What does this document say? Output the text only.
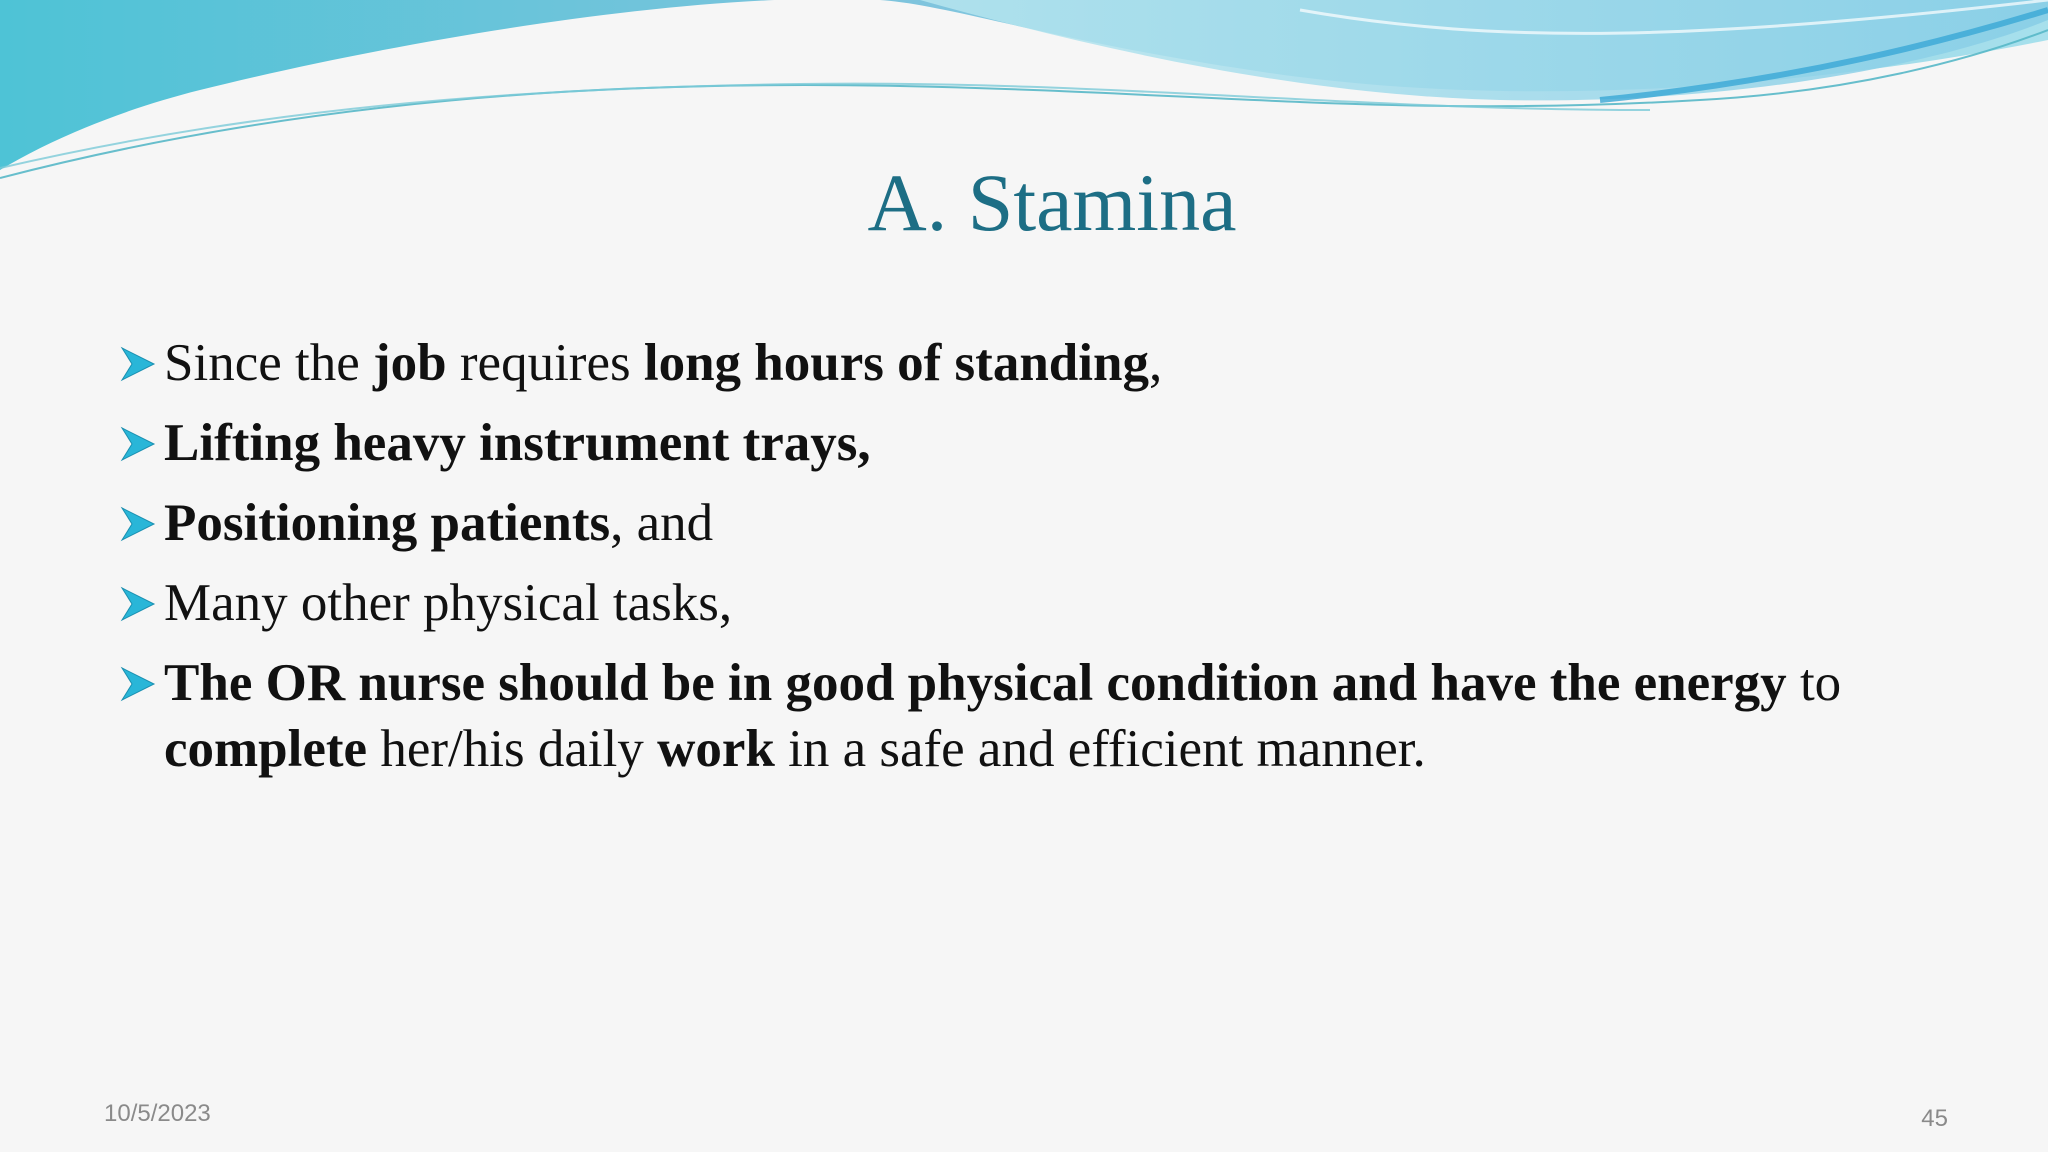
A. Stamina
Since the job requires long hours of standing,
Lifting heavy instrument trays,
Positioning patients, and
Many other physical tasks,
The OR nurse should be in good physical condition and have the energy to complete her/his daily work in a safe and efficient manner.
10/5/2023	45
